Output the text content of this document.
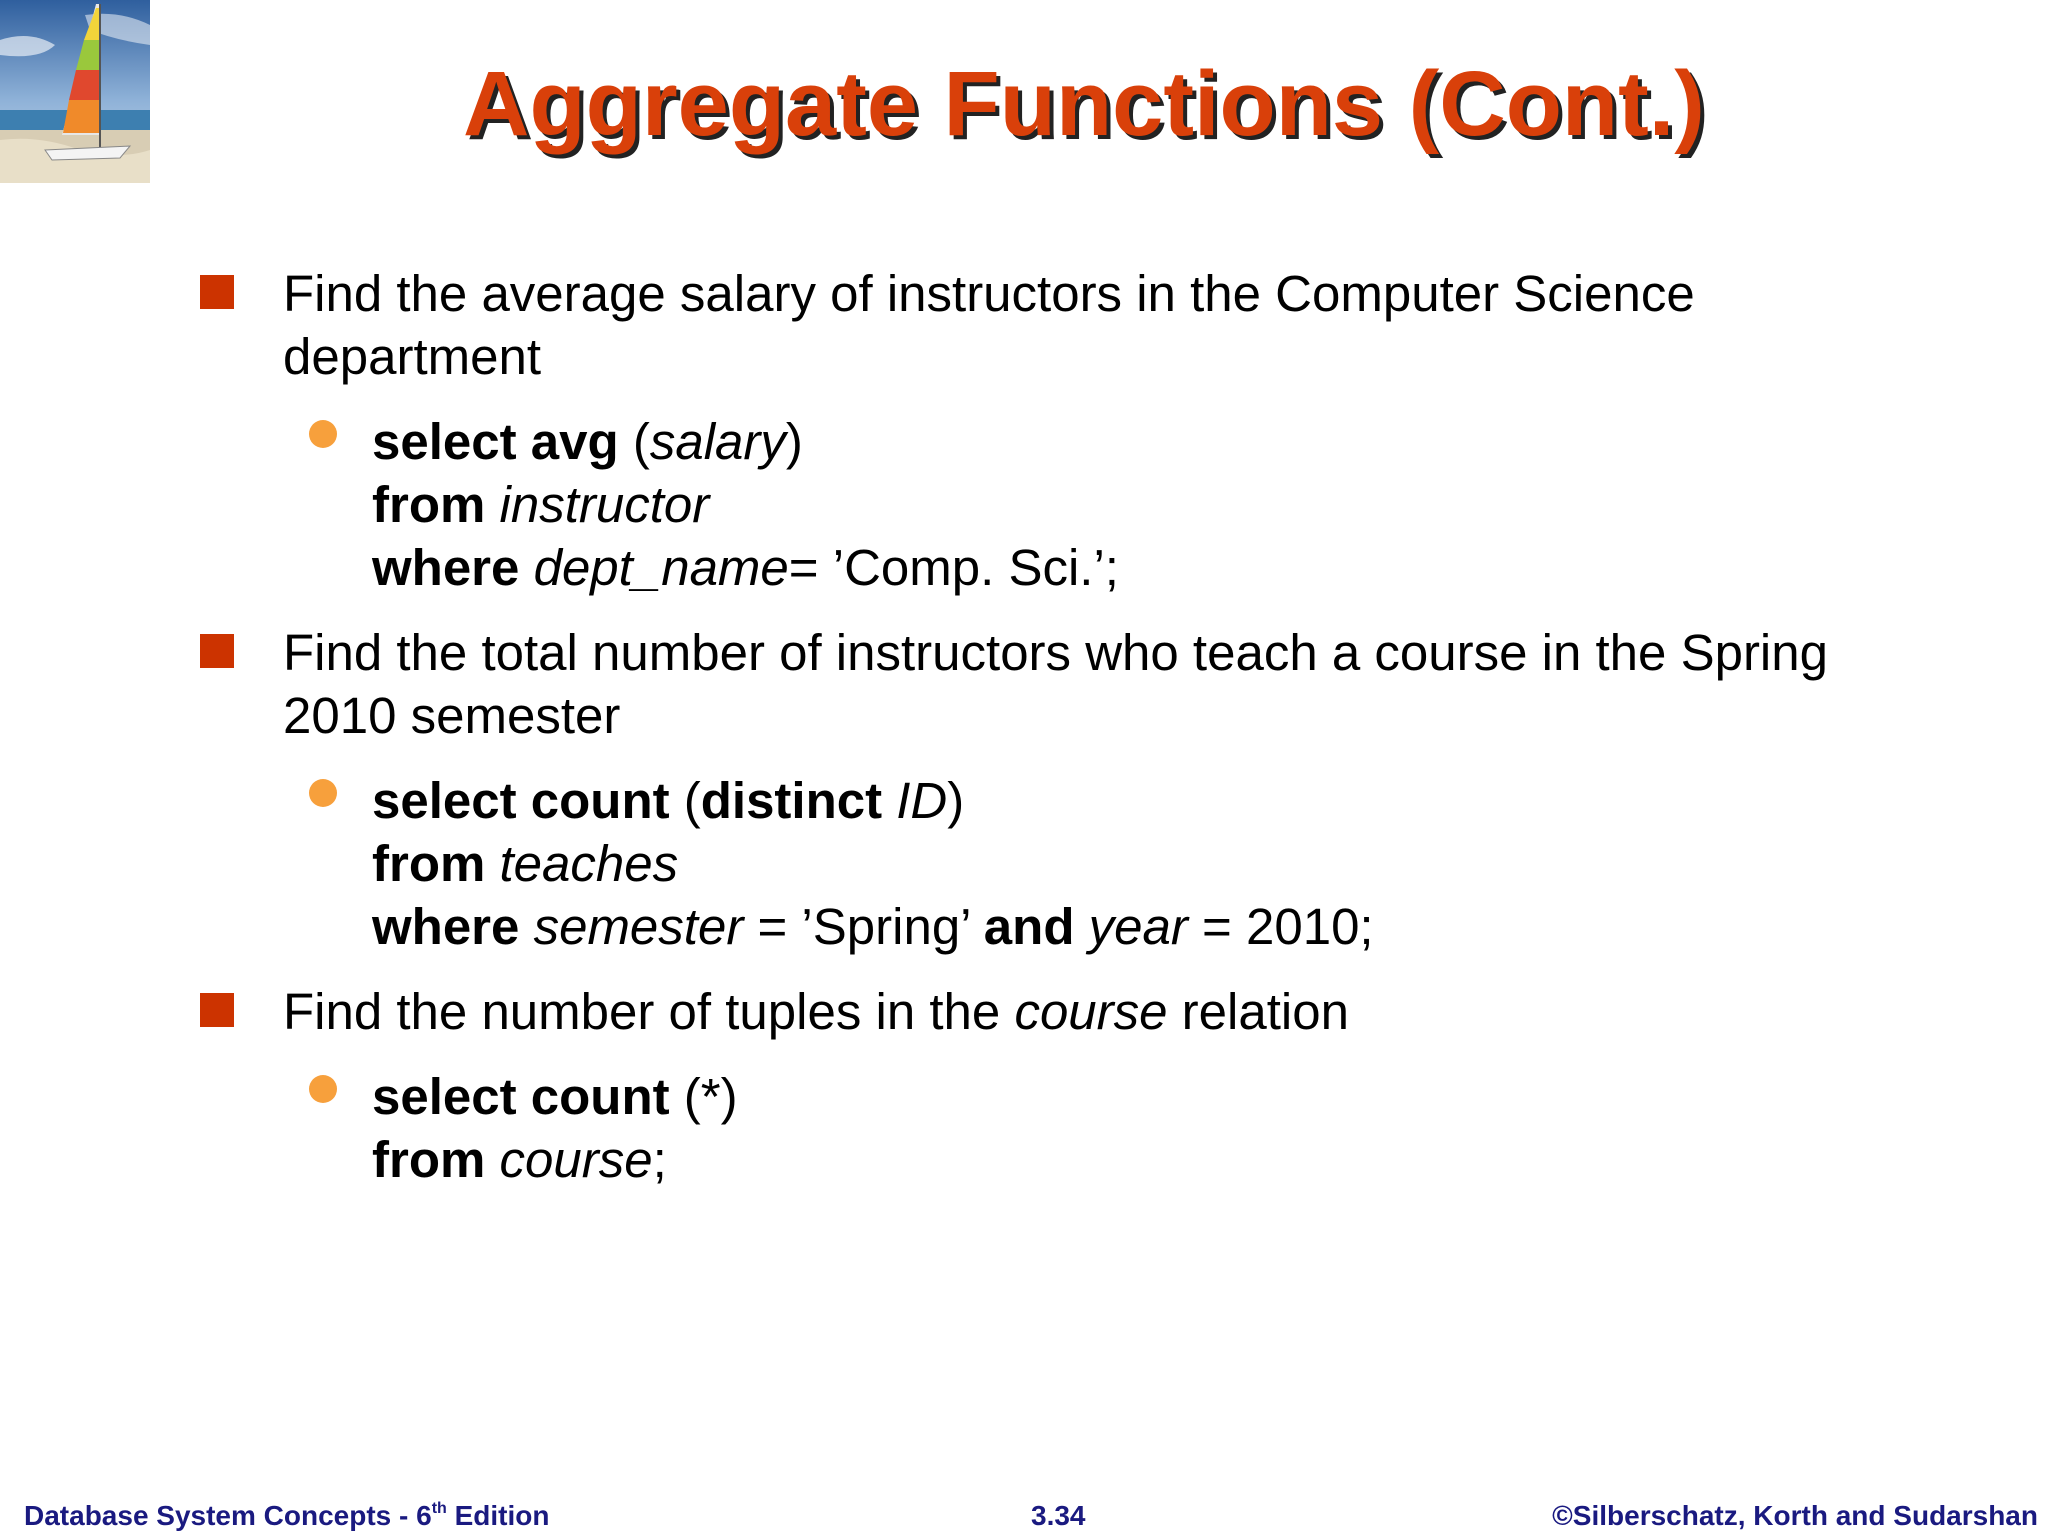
Aggregate Functions (Cont.)
Find the average salary of instructors in the Computer Science
department
select avg (salary)
from instructor
where dept_name= ’Comp. Sci.’;
Find the total number of instructors who teach a course in the Spring
2010 semester
select count (distinct ID)
from teaches
where semester = ’Spring’ and year = 2010;
Find the number of tuples in the course relation
select count (*)
from course;
Database System Concepts - 6th Edition	3.34	©Silberschatz, Korth and Sudarshan
